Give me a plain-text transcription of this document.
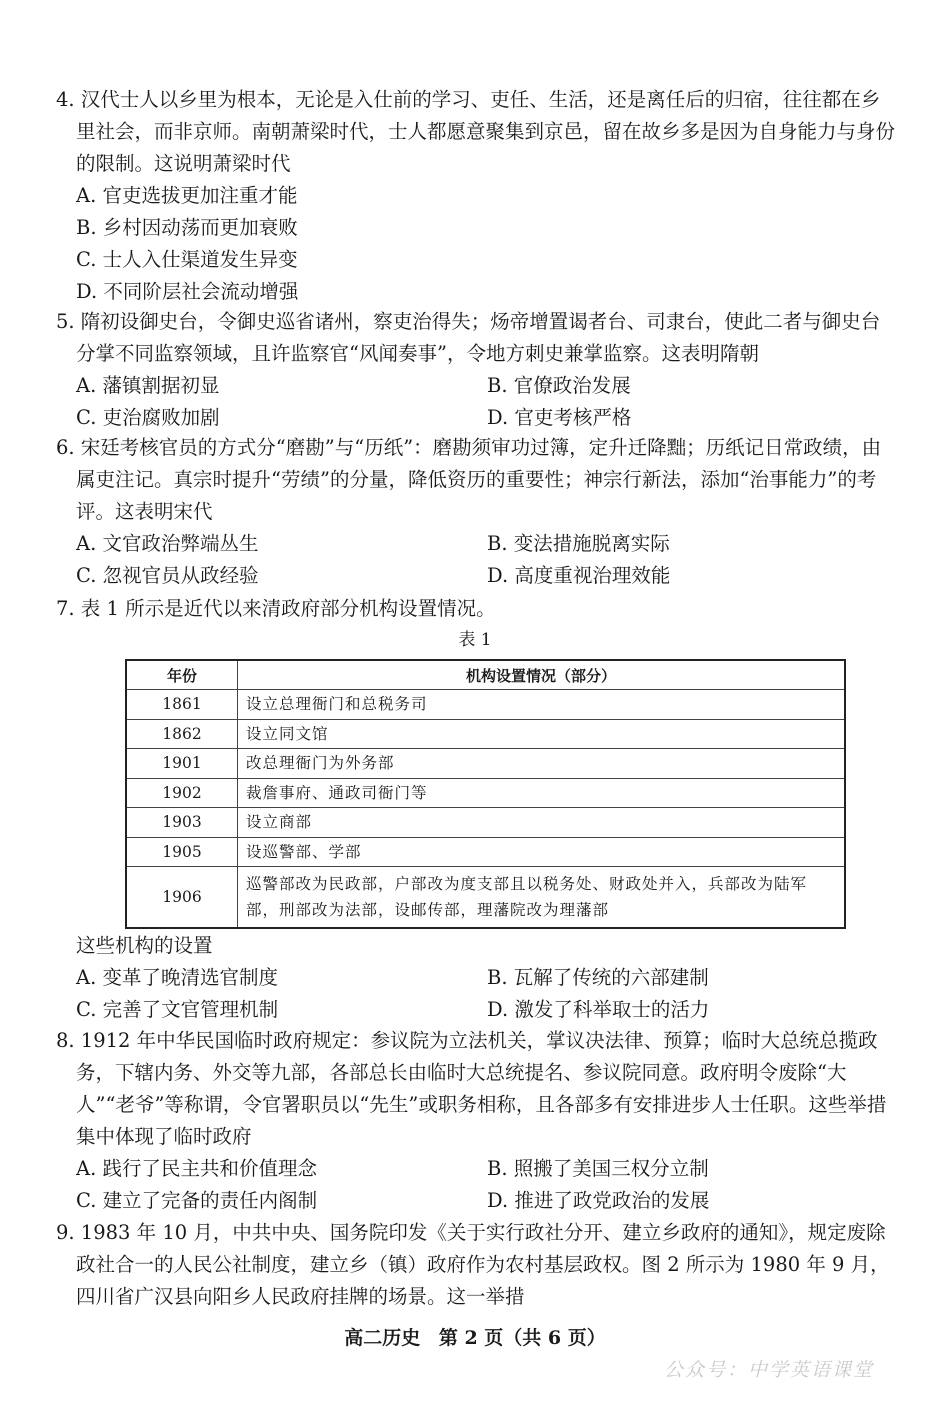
4. 汉代士人以乡里为根本，无论是入仕前的学习、吏任、生活，还是离任后的归宿，往往都在乡里社会，而非京师。南朝萧梁时代，士人都愿意聚集到京邑，留在故乡多是因为自身能力与身份的限制。这说明萧梁时代

A. 官吏选拔更加注重才能
B. 乡村因动荡而更加衰败
C. 士人入仕渠道发生异变
D. 不同阶层社会流动增强

5. 隋初设御史台，令御史巡省诸州，察吏治得失；炀帝增置谒者台、司隶台，使此二者与御史台分掌不同监察领域，且许监察官“风闻奏事”，令地方刺史兼掌监察。这表明隋朝

A. 藩镇割据初显	B. 官僚政治发展
C. 吏治腐败加剧	D. 官吏考核严格

6. 宋廷考核官员的方式分“磨勘”与“历纸”：磨勘须审功过簿，定升迁降黜；历纸记日常政绩，由属吏注记。真宗时提升“劳绩”的分量，降低资历的重要性；神宗行新法，添加“治事能力”的考评。这表明宋代

A. 文官政治弊端丛生	B. 变法措施脱离实际
C. 忽视官员从政经验	D. 高度重视治理效能

7. 表 1 所示是近代以来清政府部分机构设置情况。

表 1
年份	机构设置情况（部分）
1861	设立总理衙门和总税务司
1862	设立同文馆
1901	改总理衙门为外务部
1902	裁詹事府、通政司衙门等
1903	设立商部
1905	设巡警部、学部
1906	巡警部改为民政部，户部改为度支部且以税务处、财政处并入，兵部改为陆军部，刑部改为法部，设邮传部，理藩院改为理藩部
这些机构的设置
A. 变革了晚清选官制度	B. 瓦解了传统的六部建制
C. 完善了文官管理机制	D. 激发了科举取士的活力

8. 1912 年中华民国临时政府规定：参议院为立法机关，掌议决法律、预算；临时大总统总揽政务，下辖内务、外交等九部，各部总长由临时大总统提名、参议院同意。政府明令废除“大人”“老爷”等称谓，令官署职员以“先生”或职务相称，且各部多有安排进步人士任职。这些举措集中体现了临时政府

A. 践行了民主共和价值理念	B. 照搬了美国三权分立制
C. 建立了完备的责任内阁制	D. 推进了政党政治的发展

9. 1983 年 10 月，中共中央、国务院印发《关于实行政社分开、建立乡政府的通知》，规定废除政社合一的人民公社制度，建立乡（镇）政府作为农村基层政权。图 2 所示为 1980 年 9 月，四川省广汉县向阳乡人民政府挂牌的场景。这一举措

高二历史 第 2 页（共 6 页）
公众号：中学英语课堂
